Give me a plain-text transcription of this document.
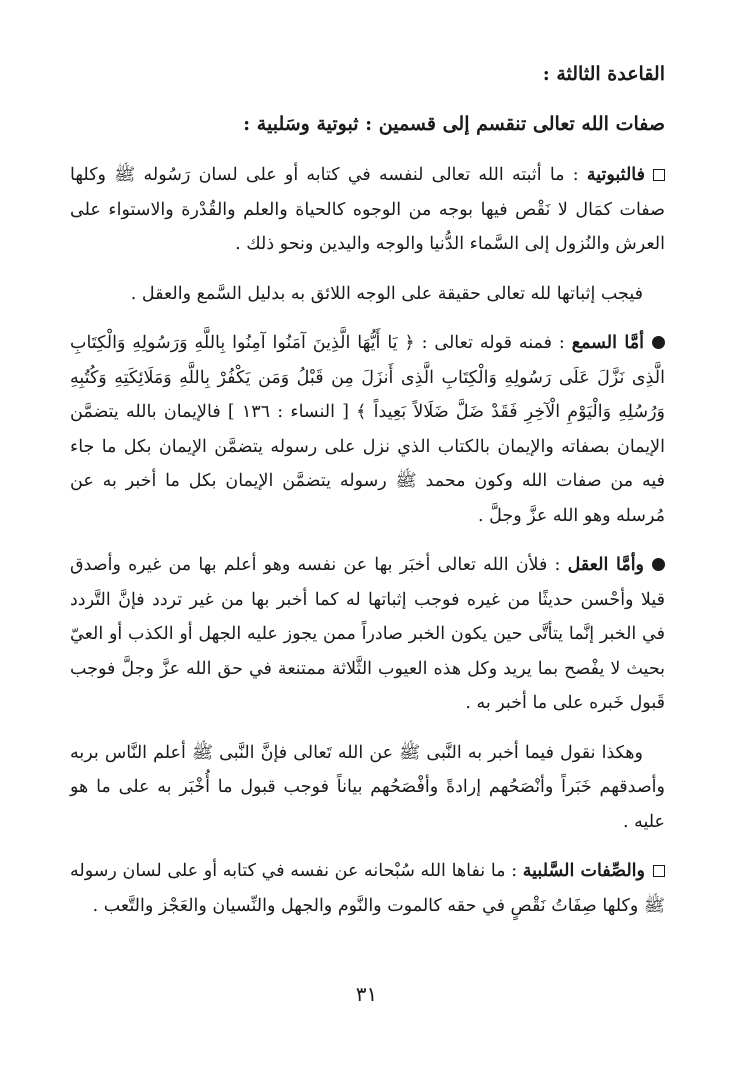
القاعدة الثالثة :
صفات الله تعالى تنقسم إلى قسمين : ثبوتية وسَلبية :

فالثبوتية : ما أثبته الله تعالى لنفسه في كتابه أو على لسان رَسُوله ﷺ وكلها صفات كمَال لا نَقْص فيها بوجه من الوجوه كالحياة والعلم والقُدْرة والاستواء على العرش والنُزول إلى السَّماء الدُّنيا والوجه واليدين ونحو ذلك .

فيجب إثباتها لله تعالى حقيقة على الوجه اللائق به بدليل السَّمع والعقل .

أمَّا السمع : فمنه قوله تعالى : ﴿ يَا أَيُّهَا الَّذِينَ آمَنُوا آمِنُوا بِاللَّهِ وَرَسُولِهِ وَالْكِتَابِ الَّذِى نَزَّلَ عَلَى رَسُولِهِ وَالْكِتَابِ الَّذِى أَنزَلَ مِن قَبْلُ وَمَن يَكْفُرْ بِاللَّهِ وَمَلَائِكَتِهِ وَكُتُبِهِ وَرُسُلِهِ وَالْيَوْمِ الْآخِرِ فَقَدْ ضَلَّ ضَلَالاً بَعِيداً ﴾ [ النساء : ١٣٦ ] فالإيمان بالله يتضمَّن الإيمان بصفاته والإيمان بالكتاب الذي نزل على رسوله يتضمَّن الإيمان بكل ما جاء فيه من صفات الله وكون محمد ﷺ رسوله يتضمَّن الإيمان بكل ما أخبر به عن مُرسله وهو الله عزَّ وجلَّ .

وأمَّا العقل : فلأن الله تعالى أخبَر بها عن نفسه وهو أعلم بها من غيره وأصدق قيلا وأحْسن حديثًا من غيره فوجب إثباتها له كما أخبر بها من غير تردد فإنَّ التَّردد في الخبر إنَّما يتأتَّى حين يكون الخبر صادراً ممن يجوز عليه الجهل أو الكذب أو العيّ بحيث لا يفْصح بما يريد وكل هذه العيوب الثَّلاثة ممتنعة في حق الله عزَّ وجلَّ فوجب قَبول خَبره على ما أخبر به .

وهكذا نقول فيما أخبر به النَّبى ﷺ عن الله تَعالى فإنَّ النَّبى ﷺ أعلم النَّاس بربه وأصدقهم خَبَراً وأنْصَحُهم إرادةً وأفْصَحُهم بياناً فوجب قبول ما أُخْبَر به على ما هو عليه .

والصِّفات السَّلبية : ما نفاها الله سُبْحانه عن نفسه في كتابه أو على لسان رسوله ﷺ وكلها صِفَاتُ نَقْصٍ في حقه كالموت والنَّوم والجهل والنِّسيان والعَجْز والتَّعب .

٣١
